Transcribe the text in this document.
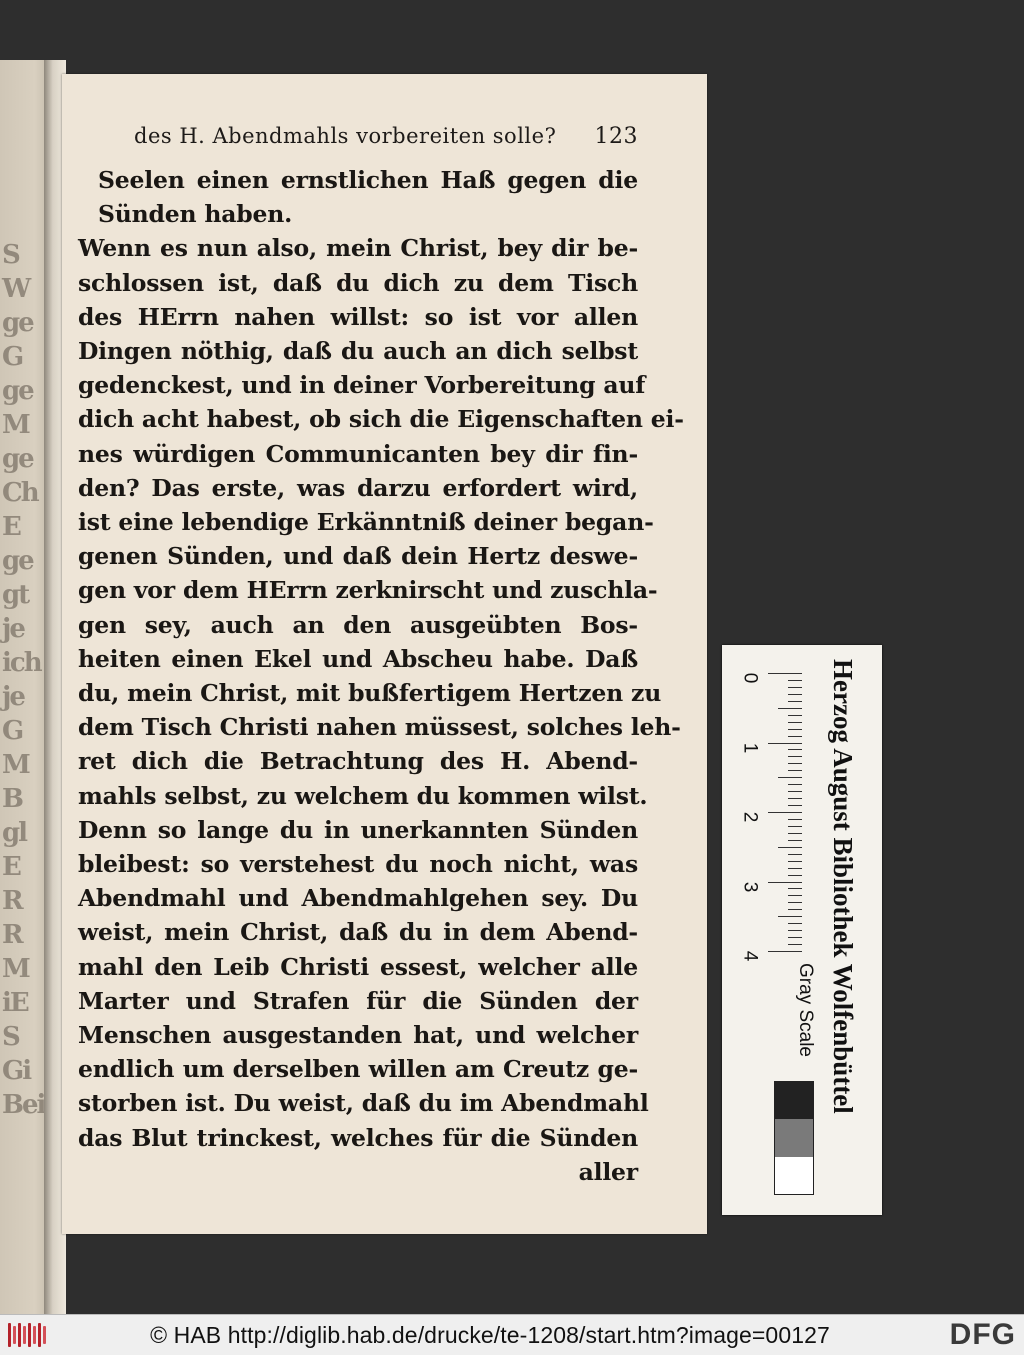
S
W
ge
G
ge
M
ge
Ch
E
ge
gt
je
ich
je
G
M
B
gl
E
R
R
M
iE
S
Gi
Bei
des H. Abendmahls vorbereiten solle? 123
Seelen einen ernstlichen Haß gegen die
Sünden haben.
Wenn es nun also, mein Christ, bey dir be-
schlossen ist, daß du dich zu dem Tisch
des HErrn nahen willst: so ist vor allen
Dingen nöthig, daß du auch an dich selbst
gedenckest, und in deiner Vorbereitung auf
dich acht habest, ob sich die Eigenschaften ei-
nes würdigen Communicanten bey dir fin-
den? Das erste, was darzu erfordert wird,
ist eine lebendige Erkänntniß deiner began-
genen Sünden, und daß dein Hertz deswe-
gen vor dem HErrn zerknirscht und zuschla-
gen sey, auch an den ausgeübten Bos-
heiten einen Ekel und Abscheu habe. Daß
du, mein Christ, mit bußfertigem Hertzen zu
dem Tisch Christi nahen müssest, solches leh-
ret dich die Betrachtung des H. Abend-
mahls selbst, zu welchem du kommen wilst.
Denn so lange du in unerkannten Sünden
bleibest: so verstehest du noch nicht, was
Abendmahl und Abendmahlgehen sey. Du
weist, mein Christ, daß du in dem Abend-
mahl den Leib Christi essest, welcher alle
Marter und Strafen für die Sünden der
Menschen ausgestanden hat, und welcher
endlich um derselben willen am Creutz ge-
storben ist. Du weist, daß du im Abendmahl
das Blut trinckest, welches für die Sünden
aller
0
1
2
3
4	Herzog August Bibliothek Wolfenbüttel
Gray Scale
© HAB http://diglib.hab.de/drucke/te-1208/start.htm?image=00127	DFG
